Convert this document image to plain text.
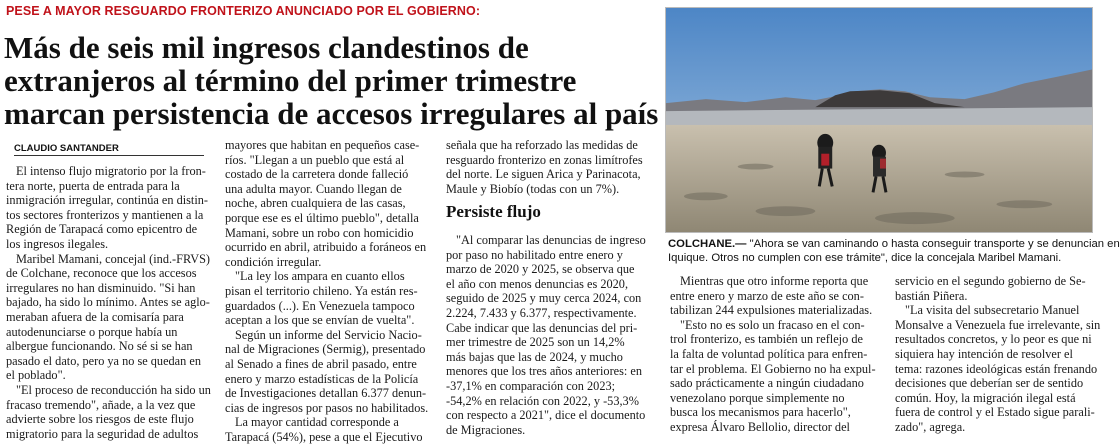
PESE A MAYOR RESGUARDO FRONTERIZO ANUNCIADO POR EL GOBIERNO:
Más de seis mil ingresos clandestinos de
extranjeros al término del primer trimestre
marcan persistencia de accesos irregulares al país
CLAUDIO SANTANDER
El intenso flujo migratorio por la fron-
tera norte, puerta de entrada para la
inmigración irregular, continúa en distin-
tos sectores fronterizos y mantienen a la
Región de Tarapacá como epicentro de
los ingresos ilegales.
Maribel Mamani, concejal (ind.-FRVS)
de Colchane, reconoce que los accesos
irregulares no han disminuido. "Si han
bajado, ha sido lo mínimo. Antes se aglo-
meraban afuera de la comisaría para
autodenunciarse o porque había un
albergue funcionando. No sé si se han
pasado el dato, pero ya no se quedan en
el poblado".
"El proceso de reconducción ha sido un
fracaso tremendo", añade, a la vez que
advierte sobre los riesgos de este flujo
migratorio para la seguridad de adultos
mayores que habitan en pequeños case-
ríos. "Llegan a un pueblo que está al
costado de la carretera donde falleció
una adulta mayor. Cuando llegan de
noche, abren cualquiera de las casas,
porque ese es el último pueblo", detalla
Mamani, sobre un robo con homicidio
ocurrido en abril, atribuido a foráneos en
condición irregular.
"La ley los ampara en cuanto ellos
pisan el territorio chileno. Ya están res-
guardados (...). En Venezuela tampoco
aceptan a los que se envían de vuelta".
Según un informe del Servicio Nacio-
nal de Migraciones (Sermig), presentado
al Senado a fines de abril pasado, entre
enero y marzo estadísticas de la Policía
de Investigaciones detallan 6.377 denun-
cias de ingresos por pasos no habilitados.
La mayor cantidad corresponde a
Tarapacá (54%), pese a que el Ejecutivo
señala que ha reforzado las medidas de
resguardo fronterizo en zonas limítrofes
del norte. Le siguen Arica y Parinacota,
Maule y Biobío (todas con un 7%).
Persiste flujo
"Al comparar las denuncias de ingreso
por paso no habilitado entre enero y
marzo de 2020 y 2025, se observa que
el año con menos denuncias es 2020,
seguido de 2025 y muy cerca 2024, con
2.224, 7.433 y 6.377, respectivamente.
Cabe indicar que las denuncias del pri-
mer trimestre de 2025 son un 14,2%
más bajas que las de 2024, y mucho
menores que los tres años anteriores: en
-37,1% en comparación con 2023;
-54,2% en relación con 2022, y -53,3%
con respecto a 2021", dice el documento
de Migraciones.
COLCHANE.— "Ahora se van caminando o hasta conseguir transporte y se denuncian en
Iquique. Otros no cumplen con ese trámite", dice la concejala Maribel Mamani.
Mientras que otro informe reporta que
entre enero y marzo de este año se con-
tabilizan 244 expulsiones materializadas.
"Esto no es solo un fracaso en el con-
trol fronterizo, es también un reflejo de
la falta de voluntad política para enfren-
tar el problema. El Gobierno no ha expul-
sado prácticamente a ningún ciudadano
venezolano porque simplemente no
busca los mecanismos para hacerlo",
expresa Álvaro Bellolio, director del
servicio en el segundo gobierno de Se-
bastián Piñera.
"La visita del subsecretario Manuel
Monsalve a Venezuela fue irrelevante, sin
resultados concretos, y lo peor es que ni
siquiera hay intención de resolver el
tema: razones ideológicas están frenando
decisiones que deberían ser de sentido
común. Hoy, la migración ilegal está
fuera de control y el Estado sigue parali-
zado", agrega.
